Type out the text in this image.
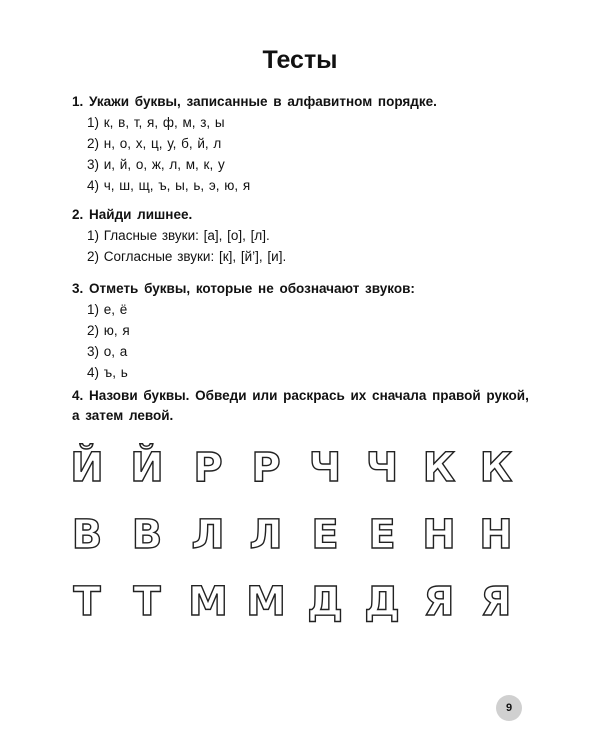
Тесты
1. Укажи буквы, записанные в алфавитном порядке.
1) к, в, т, я, ф, м, з, ы
2) н, о, х, ц, у, б, й, л
3) и, й, о, ж, л, м, к, у
4) ч, ш, щ, ъ, ы, ь, э, ю, я
2. Найди лишнее.
1) Гласные звуки: [а], [о], [л].
2) Согласные звуки: [к], [й’], [и].
3. Отметь буквы, которые не обозначают звуков:
1) е, ё
2) ю, я
3) о, а
4) ъ, ь
4. Назови буквы. Обведи или раскрась их сначала правой рукой, а затем левой.
Й Й Р Р Ч Ч К К
В В Л Л Е Е Н Н
Т Т М М Д Д Я Я
9
